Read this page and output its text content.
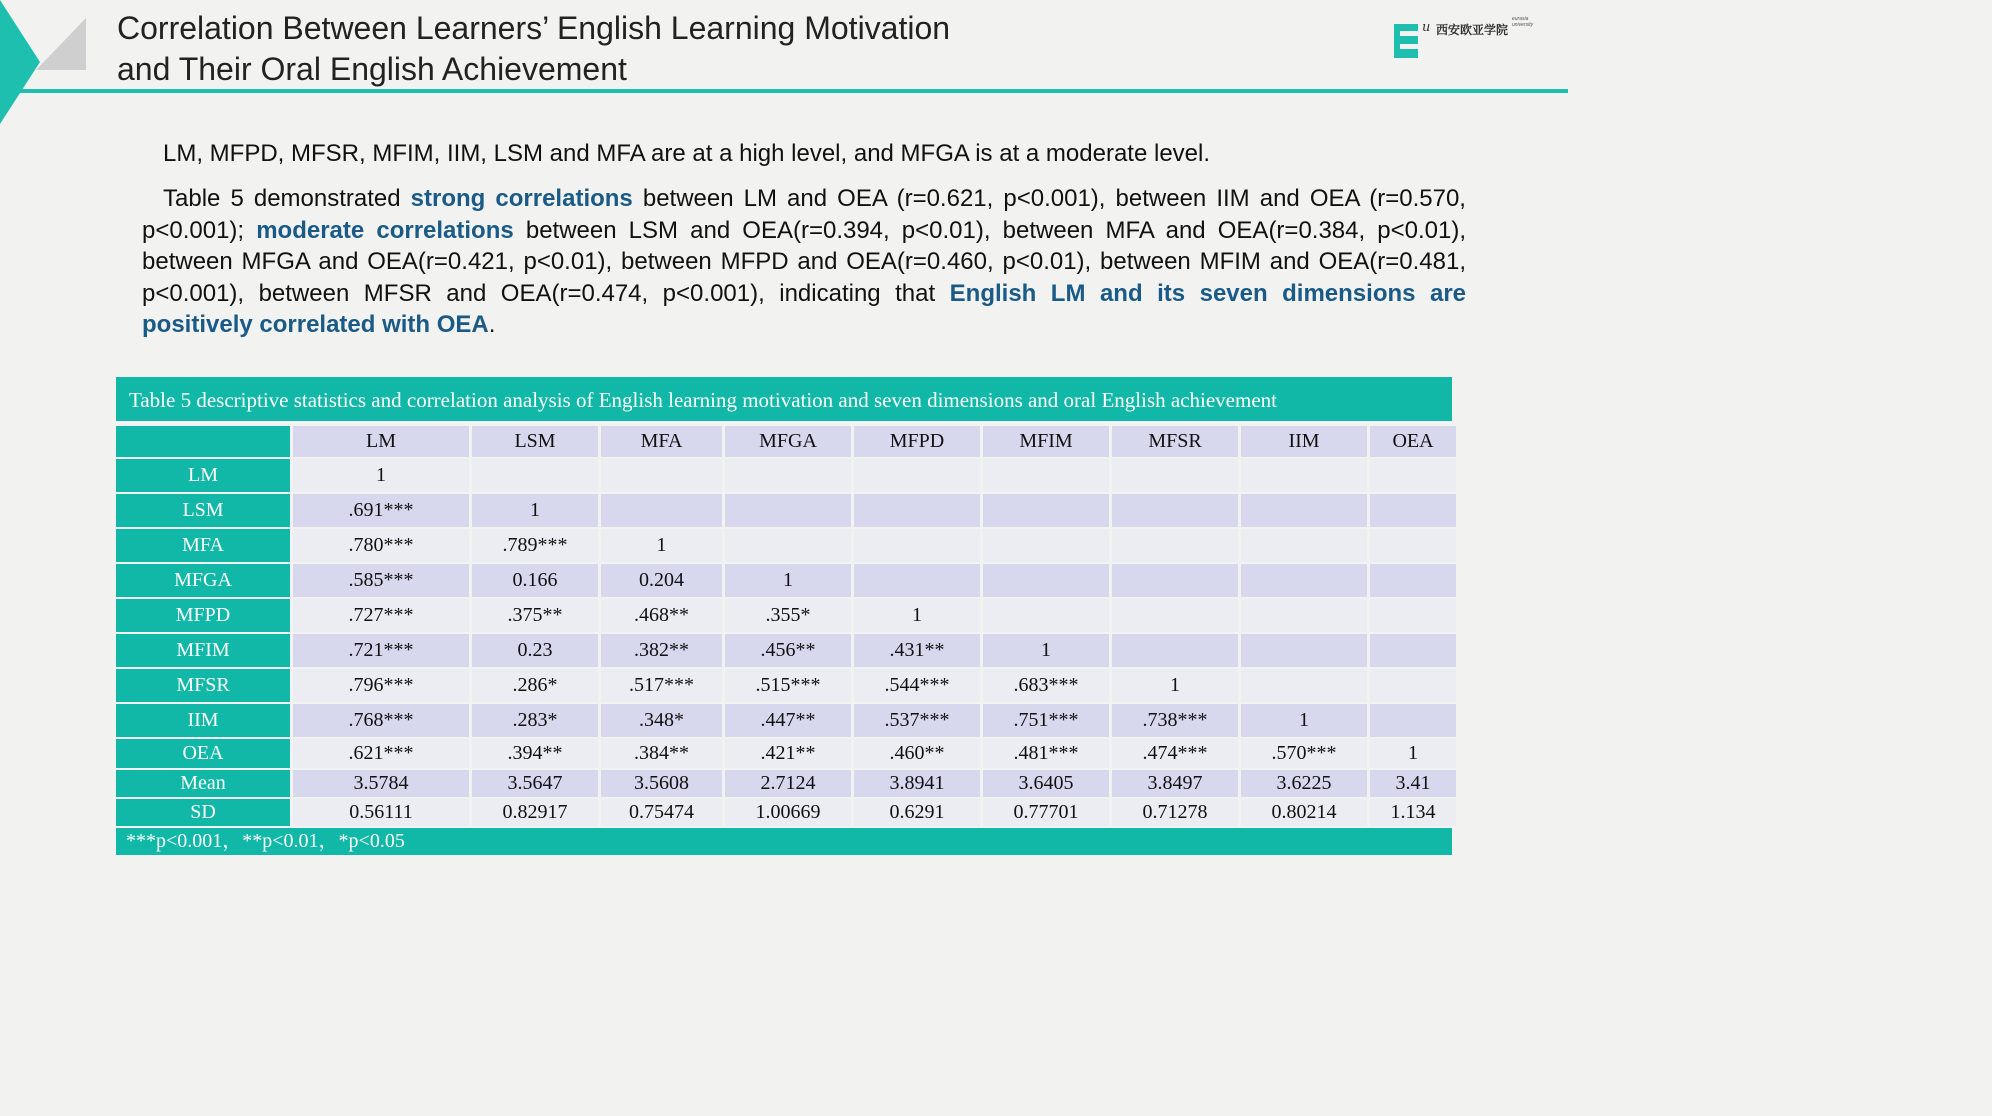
Correlation Between Learners’ English Learning Motivation
and Their Oral English Achievement
u 西安欧亚学院
eurasia
university
LM, MFPD, MFSR, MFIM, IIM, LSM and MFA are at a high level, and MFGA is at a moderate level.
Table 5 demonstrated strong correlations between LM and OEA (r=0.621, p<0.001), between IIM and OEA (r=0.570, p<0.001); moderate correlations between LSM and OEA(r=0.394, p<0.01), between MFA and OEA(r=0.384, p<0.01), between MFGA and OEA(r=0.421, p<0.01), between MFPD and OEA(r=0.460, p<0.01), between MFIM and OEA(r=0.481, p<0.001), between MFSR and OEA(r=0.474, p<0.001), indicating that English LM and its seven dimensions are positively correlated with OEA.
Table 5 descriptive statistics and correlation analysis of English learning motivation and seven dimensions and oral English achievement
	LM	LSM	MFA	MFGA	MFPD	MFIM	MFSR	IIM	OEA
LM	1								
LSM	.691***	1							
MFA	.780***	.789***	1						
MFGA	.585***	0.166	0.204	1					
MFPD	.727***	.375**	.468**	.355*	1				
MFIM	.721***	0.23	.382**	.456**	.431**	1			
MFSR	.796***	.286*	.517***	.515***	.544***	.683***	1		
IIM	.768***	.283*	.348*	.447**	.537***	.751***	.738***	1	
OEA	.621***	.394**	.384**	.421**	.460**	.481***	.474***	.570***	1
Mean	3.5784	3.5647	3.5608	2.7124	3.8941	3.6405	3.8497	3.6225	3.41
SD	0.56111	0.82917	0.75474	1.00669	0.6291	0.77701	0.71278	0.80214	1.134
***p<0.001，**p<0.01，*p<0.05
